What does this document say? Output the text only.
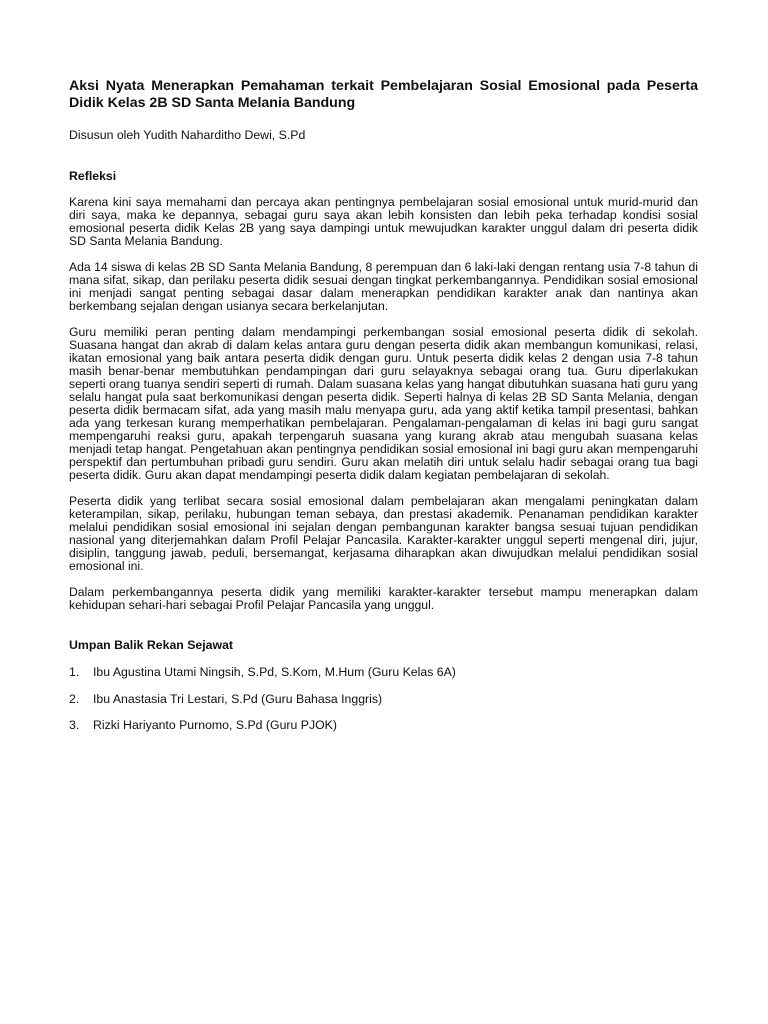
Aksi Nyata Menerapkan Pemahaman terkait Pembelajaran Sosial Emosional pada Peserta Didik Kelas 2B SD Santa Melania Bandung

Disusun oleh Yudith Naharditho Dewi, S.Pd

Refleksi

Karena kini saya memahami dan percaya akan pentingnya pembelajaran sosial emosional untuk murid-murid dan diri saya, maka ke depannya, sebagai guru saya akan lebih konsisten dan lebih peka terhadap kondisi sosial emosional peserta didik Kelas 2B yang saya dampingi untuk mewujudkan karakter unggul dalam dri peserta didik SD Santa Melania Bandung.

Ada 14 siswa di kelas 2B SD Santa Melania Bandung, 8 perempuan dan 6 laki-laki dengan rentang usia 7-8 tahun di mana sifat, sikap, dan perilaku peserta didik sesuai dengan tingkat perkembangannya. Pendidikan sosial emosional ini menjadi sangat penting sebagai dasar dalam menerapkan pendidikan karakter anak dan nantinya akan berkembang sejalan dengan usianya secara berkelanjutan.

Guru memiliki peran penting dalam mendampingi perkembangan sosial emosional peserta didik di sekolah. Suasana hangat dan akrab di dalam kelas antara guru dengan peserta didik akan membangun komunikasi, relasi, ikatan emosional yang baik antara peserta didik dengan guru. Untuk peserta didik kelas 2 dengan usia 7-8 tahun masih benar-benar membutuhkan pendampingan dari guru selayaknya sebagai orang tua. Guru diperlakukan seperti orang tuanya sendiri seperti di rumah. Dalam suasana kelas yang hangat dibutuhkan suasana hati guru yang selalu hangat pula saat berkomunikasi dengan peserta didik. Seperti halnya di kelas 2B SD Santa Melania, dengan peserta didik bermacam sifat, ada yang masih malu menyapa guru, ada yang aktif ketika tampil presentasi, bahkan ada yang terkesan kurang memperhatikan pembelajaran. Pengalaman-pengalaman di kelas ini bagi guru sangat mempengaruhi reaksi guru, apakah terpengaruh suasana yang kurang akrab atau mengubah suasana kelas menjadi tetap hangat. Pengetahuan akan pentingnya pendidikan sosial emosional ini bagi guru akan mempengaruhi perspektif dan pertumbuhan pribadi guru sendiri. Guru akan melatih diri untuk selalu hadir sebagai orang tua bagi peserta didik. Guru akan dapat mendampingi peserta didik dalam kegiatan pembelajaran di sekolah.

Peserta didik yang terlibat secara sosial emosional dalam pembelajaran akan mengalami peningkatan dalam keterampilan, sikap, perilaku, hubungan teman sebaya, dan prestasi akademik. Penanaman pendidikan karakter melalui pendidikan sosial emosional ini sejalan dengan pembangunan karakter bangsa sesuai tujuan pendidikan nasional yang diterjemahkan dalam Profil Pelajar Pancasila. Karakter-karakter unggul seperti mengenal diri, jujur, disiplin, tanggung jawab, peduli, bersemangat, kerjasama diharapkan akan diwujudkan melalui pendidikan sosial emosional ini.

Dalam perkembangannya peserta didik yang memiliki karakter-karakter tersebut mampu menerapkan dalam kehidupan sehari-hari sebagai Profil Pelajar Pancasila yang unggul.

Umpan Balik Rekan Sejawat
1.	Ibu Agustina Utami Ningsih, S.Pd, S.Kom, M.Hum (Guru Kelas 6A)
2.	Ibu Anastasia Tri Lestari, S.Pd (Guru Bahasa Inggris)
3.	Rizki Hariyanto Purnomo, S.Pd (Guru PJOK)
